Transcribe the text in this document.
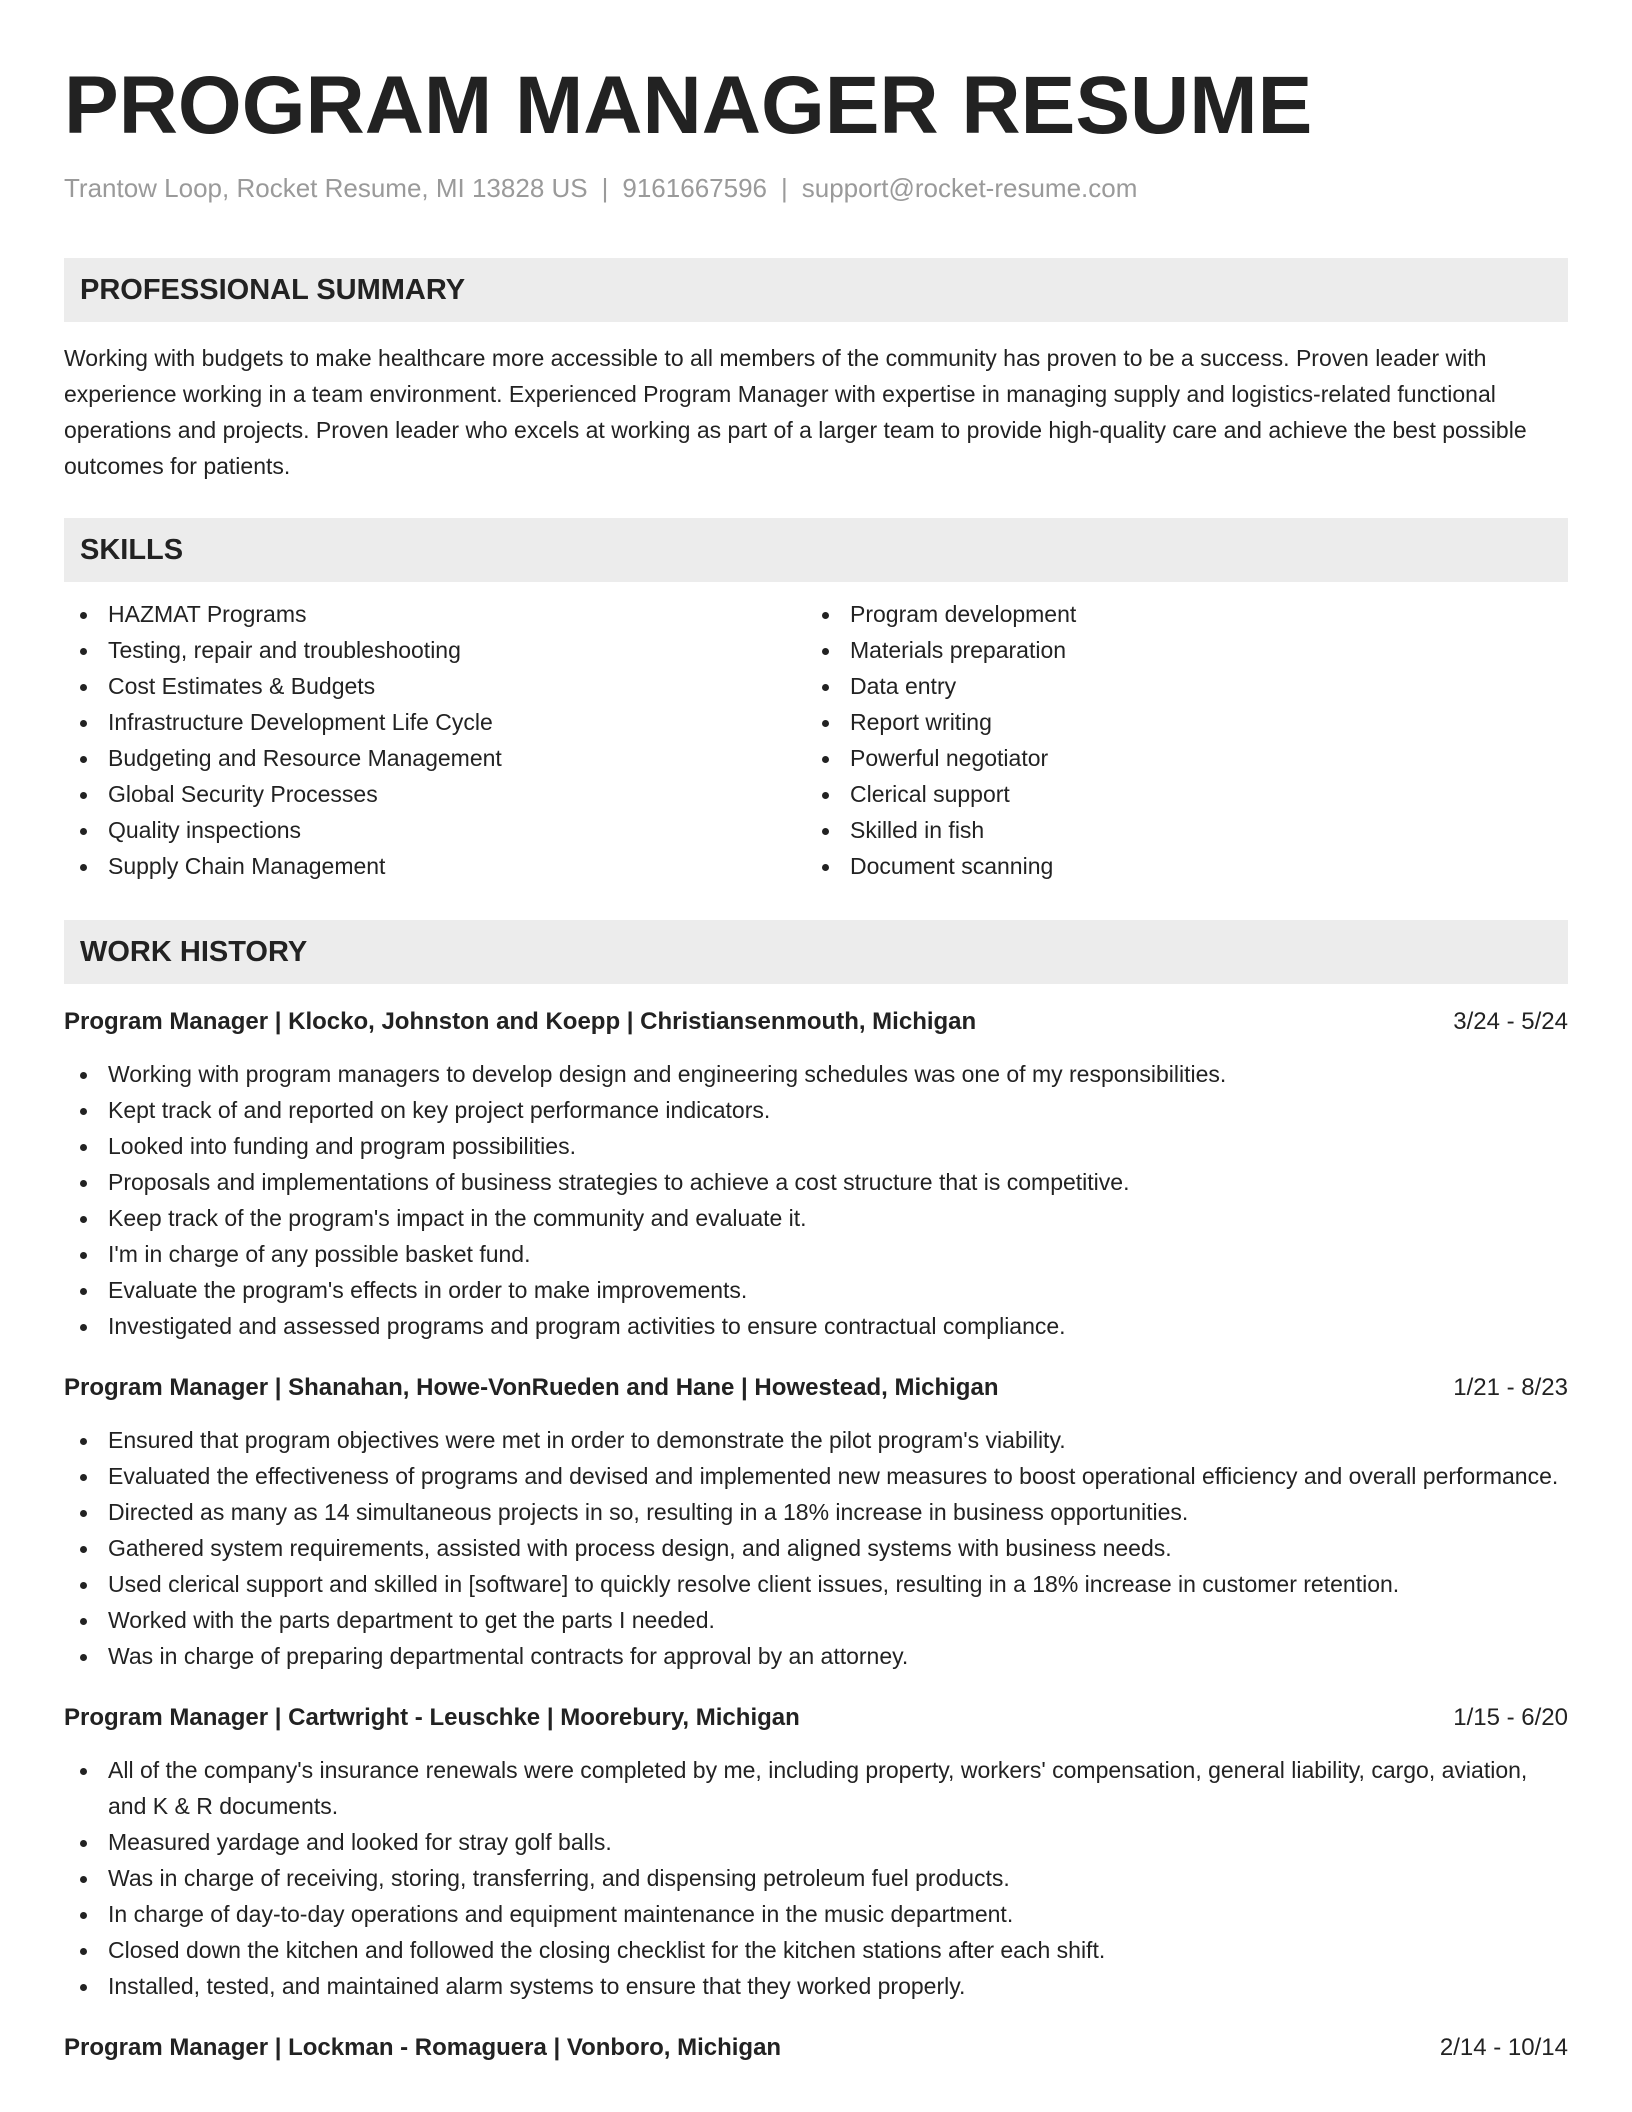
PROGRAM MANAGER RESUME
Trantow Loop, Rocket Resume, MI 13828 US | 9161667596 | support@rocket-resume.com
PROFESSIONAL SUMMARY
Working with budgets to make healthcare more accessible to all members of the community has proven to be a success. Proven leader with experience working in a team environment. Experienced Program Manager with expertise in managing supply and logistics-related functional operations and projects. Proven leader who excels at working as part of a larger team to provide high-quality care and achieve the best possible outcomes for patients.
SKILLS
HAZMAT Programs
Testing, repair and troubleshooting
Cost Estimates & Budgets
Infrastructure Development Life Cycle
Budgeting and Resource Management
Global Security Processes
Quality inspections
Supply Chain Management
Program development
Materials preparation
Data entry
Report writing
Powerful negotiator
Clerical support
Skilled in fish
Document scanning
WORK HISTORY
Program Manager | Klocko, Johnston and Koepp | Christiansenmouth, Michigan	3/24 - 5/24
Working with program managers to develop design and engineering schedules was one of my responsibilities.
Kept track of and reported on key project performance indicators.
Looked into funding and program possibilities.
Proposals and implementations of business strategies to achieve a cost structure that is competitive.
Keep track of the program's impact in the community and evaluate it.
I'm in charge of any possible basket fund.
Evaluate the program's effects in order to make improvements.
Investigated and assessed programs and program activities to ensure contractual compliance.
Program Manager | Shanahan, Howe-VonRueden and Hane | Howestead, Michigan	1/21 - 8/23
Ensured that program objectives were met in order to demonstrate the pilot program's viability.
Evaluated the effectiveness of programs and devised and implemented new measures to boost operational efficiency and overall performance.
Directed as many as 14 simultaneous projects in so, resulting in a 18% increase in business opportunities.
Gathered system requirements, assisted with process design, and aligned systems with business needs.
Used clerical support and skilled in [software] to quickly resolve client issues, resulting in a 18% increase in customer retention.
Worked with the parts department to get the parts I needed.
Was in charge of preparing departmental contracts for approval by an attorney.
Program Manager | Cartwright - Leuschke | Moorebury, Michigan	1/15 - 6/20
All of the company's insurance renewals were completed by me, including property, workers' compensation, general liability, cargo, aviation, and K & R documents.
Measured yardage and looked for stray golf balls.
Was in charge of receiving, storing, transferring, and dispensing petroleum fuel products.
In charge of day-to-day operations and equipment maintenance in the music department.
Closed down the kitchen and followed the closing checklist for the kitchen stations after each shift.
Installed, tested, and maintained alarm systems to ensure that they worked properly.
Program Manager | Lockman - Romaguera | Vonboro, Michigan	2/14 - 10/14
